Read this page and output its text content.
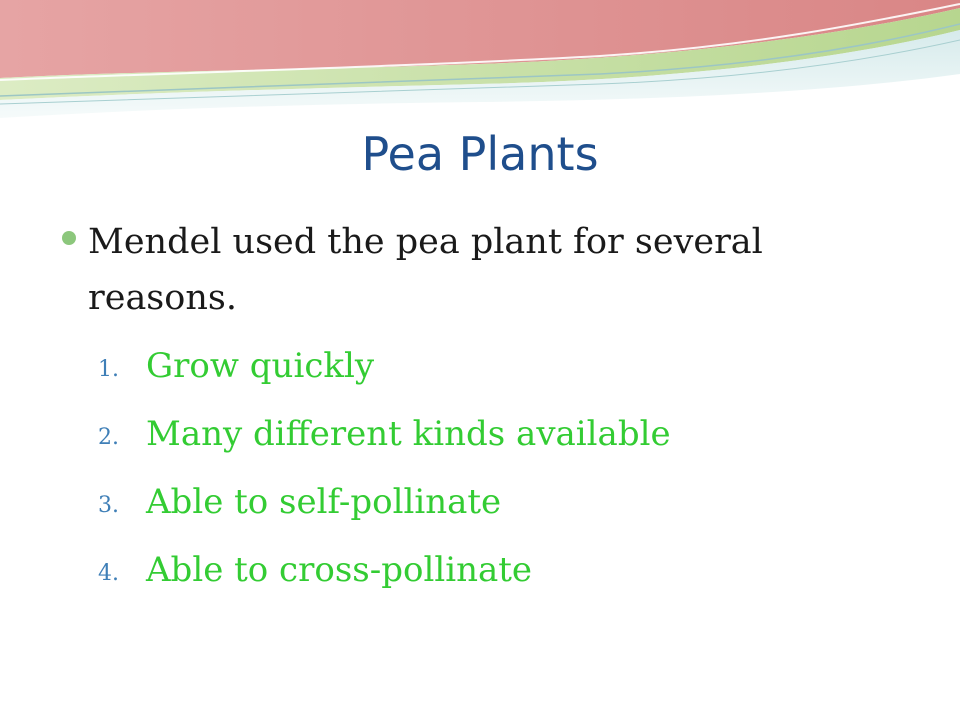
Pea Plants
Mendel used the pea plant for several reasons.
1. Grow quickly
2. Many different kinds available
3. Able to self-pollinate
4. Able to cross-pollinate
